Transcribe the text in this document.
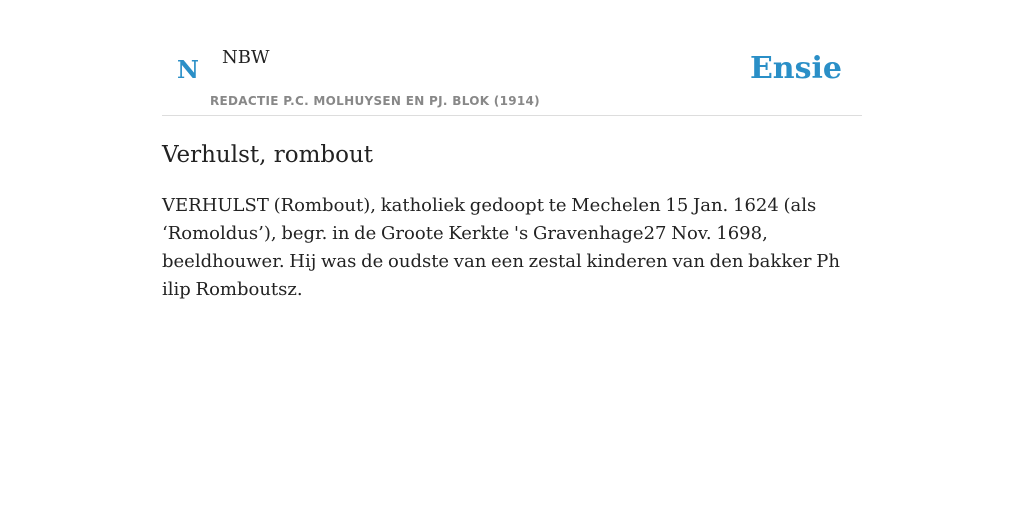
N NBW
REDACTIE P.C. MOLHUYSEN EN PJ. BLOK (1914)
Ensie
Verhulst, rombout

VERHULST (Rombout), katholiek gedoopt te Mechelen 15 Jan. 1624 (als ‘Romoldus’), begr. in de Groote Kerkte 's Gravenhage27 Nov. 1698, beeldhouwer. Hij was de oudste van een zestal kinderen van den bakker Ph ilip Romboutsz.
